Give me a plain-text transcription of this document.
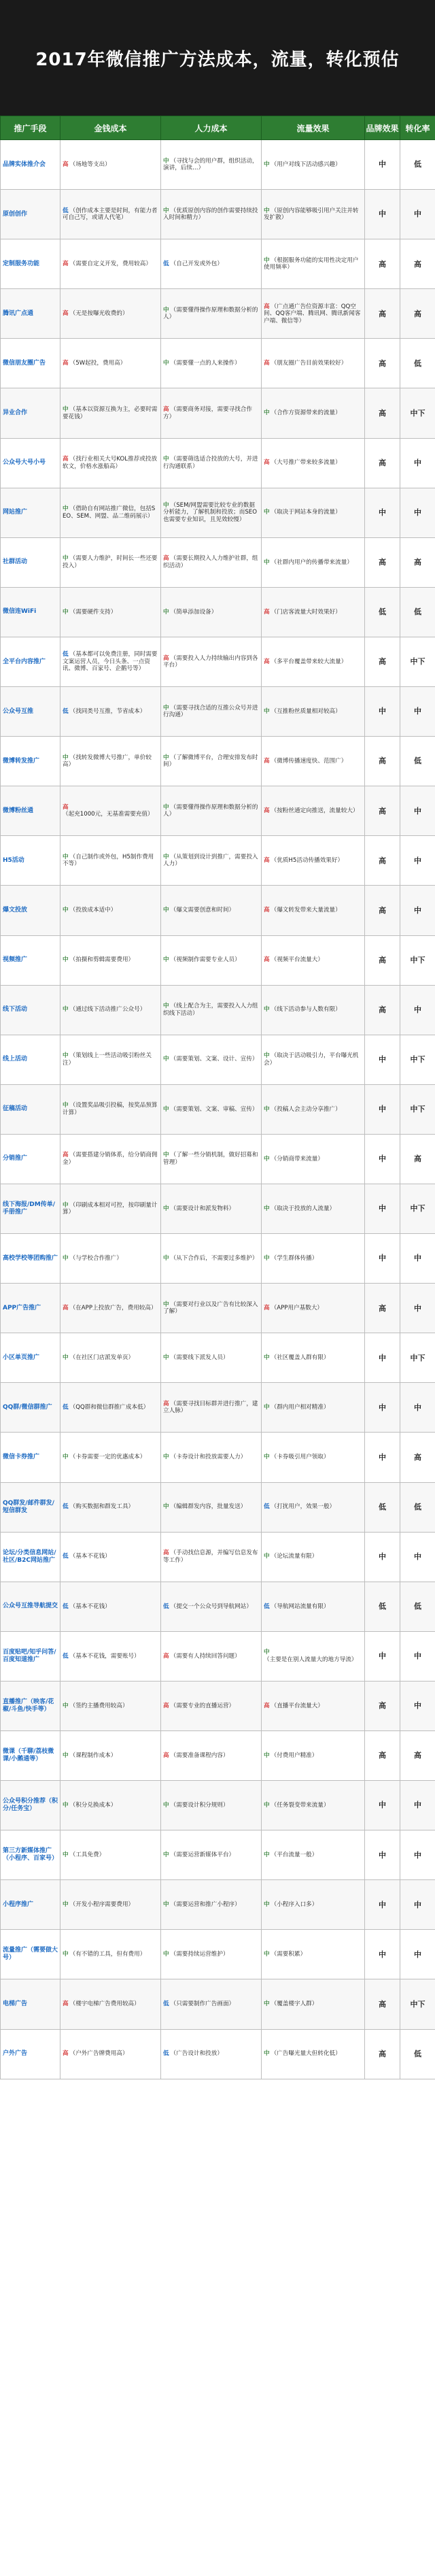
2017年微信推广方法成本，流量，转化预估
推广手段	金钱成本	人力成本	流量效果	品牌效果	转化率
品牌实体推介会	高 （场地等支出）	中 （寻找与会的用户群，组织活动，演讲，后续…）	中 （用户对线下活动感兴趣）	中	低
原创创作	低 （创作成本主要是时间，有能力者可自己写，或请人代笔）	中 （优质原创内容的创作需要持续投入时间和精力）	中 （原创内容能够吸引用户关注并转发扩散）	中	中
定制服务功能	高 （需要自定义开发，费用较高）	低 （自己开发或外包）	中 （根据服务功能的实用性决定用户使用频率）	高	高
腾讯广点通	高 （无是按曝光收费的）	中 （需要懂得操作原理和数据分析的人）	高 （广点通广告位资源丰富：QQ空间、QQ客户端、腾讯网、腾讯新闻客户端、微信等）	高	高
微信朋友圈广告	高 （5W起投，费用高）	中 （需要懂一点的人来操作）	高 （朋友圈广告目前效果较好）	高	低
异业合作	中 （基本以资源互换为主，必要时需要花钱）	高 （需要商务对接，需要寻找合作方）	中 （合作方资源带来的流量）	高	中下
公众号大号小号	高 （找行业相关大号KOL推荐或投放软文，价格水涨船高）	中 （需要筛选适合投放的大号，并进行沟通联系）	高 （大号推广带来较多流量）	高	中
网站推广	中 （借助自有网站推广微信，包括SEO、SEM、网盟、品二维码展示）	中 （SEM/网盟需要比较专业的数据分析能力，了解机制和投放；而SEO也需要专业知识，且见效较慢）	中 （取决于网站本身的流量）	中	中
社群活动	中 （需要人力维护，时间长一些还要投入）	高 （需要长期投入人力维护社群，组织活动）	中 （社群内用户的传播带来流量）	高	高
微信连WiFi	中 （需要硬件支持）	中 （简单添加设备）	高 （门店客流量大时效果好）	低	低
全平台内容推广	低 （基本都可以免费注册，同时需要文案运营人员，今日头条、一点资讯、微博、百家号、企鹅号等）	高 （需要投入人力持续输出内容到各平台）	高 （多平台覆盖带来较大流量）	高	中下
公众号互推	低 （找同类号互推，节省成本）	中 （需要寻找合适的互推公众号并进行沟通）	中 （互推粉丝质量相对较高）	中	中
微博转发推广	中 （找转发微博大号推广，单价较高）	中 （了解微博平台，合理安排发布时间）	高 （微博传播速度快、范围广）	高	低
微博粉丝通	高（起充1000元，无基准需要充值）	中 （需要懂得操作原理和数据分析的人）	高 （按粉丝通定向推送，流量较大）	高	中
H5活动	中 （自己制作或外包，H5制作费用不等）	中 （从策划到设计到推广，需要投入人力）	高 （优质H5活动传播效果好）	高	中
爆文投放	中 （投放成本适中）	中 （爆文需要创意和时间）	高 （爆文转发带来大量流量）	高	中
视频推广	中 （拍摄和剪辑需要费用）	中 （视频制作需要专业人员）	高 （视频平台流量大）	高	中下
线下活动	中 （通过线下活动推广公众号）	中 （线上配合为主，需要投入人力组织线下活动）	中 （线下活动参与人数有限）	高	中
线上活动	中 （策划线上一些活动吸引粉丝关注）	中 （需要策划、文案、设计、宣传）	中 （取决于活动吸引力，平台曝光机会）	中	中下
征稿活动	中 （设置奖品吸引投稿，按奖品预算计算）	中 （需要策划、文案、审稿、宣传）	中 （投稿人会主动分享推广）	中	中下
分销推广	高 （需要搭建分销体系，给分销商佣金）	中 （了解一些分销机制，做好招募和管理）	中 （分销商带来流量）	中	高
线下海报/DM传单/手册推广	中 （印刷成本相对可控，按印刷量计算）	中 （需要设计和派发物料）	中 （取决于投放的人流量）	中	中下
高校学校等团购推广	中 （与学校合作推广）	中 （从下合作后，不需要过多维护）	中 （学生群体传播）	中	中
APP广告推广	高 （在APP上投放广告，费用较高）	中 （需要对行业以及广告有比较深入了解）	高 （APP用户基数大）	高	中
小区单页推广	中 （在社区门店派发单页）	中 （需要线下派发人员）	中 （社区覆盖人群有限）	中	中下
QQ群/微信群推广	低 （QQ群和微信群推广成本低）	高 （需要寻找目标群并进行推广，建立人脉）	中 （群内用户相对精准）	中	中
微信卡券推广	中 （卡券需要一定的优惠成本）	中 （卡券设计和投放需要人力）	中 （卡券吸引用户领取）	中	高
QQ群发/邮件群发/短信群发	低 （购买数据和群发工具）	中 （编辑群发内容，批量发送）	低 （打扰用户，效果一般）	低	低
论坛/分类信息网站/社区/B2C网站推广	低 （基本不花钱）	高 （手动找信息源，并编写信息发布等工作）	中 （论坛流量有限）	中	中
公众号互推导航提交	低 （基本不花钱）	低 （提交一个公众号到导航网站）	低 （导航网站流量有限）	低	低
百度贴吧/知乎问答/百度知道推广	低 （基本不花钱，需要账号）	高 （需要有人持续回答问题）	中（主要是在别人流量大的地方导流）	中	中
直播推广（映客/花椒/斗鱼/快手等）	中 （签约主播费用较高）	高 （需要专业的直播运营）	高 （直播平台流量大）	高	中
微课（千聊/荔枝微课/小鹅通等）	中 （课程制作成本）	高 （需要准备课程内容）	中 （付费用户精准）	高	高
公众号积分推荐（积分/任务宝）	中 （积分兑换成本）	中 （需要设计积分规则）	中 （任务裂变带来流量）	中	中
第三方新媒体推广（小程序、百家号）	中 （工具免费）	中 （需要运营新媒体平台）	中 （平台流量一般）	中	中
小程序推广	中 （开发小程序需要费用）	中 （需要运营和推广小程序）	中 （小程序入口多）	中	中
流量推广（需要做大号）	中 （有不错的工具，但有费用）	中 （需要持续运营维护）	中 （需要积累）	中	中
电梯广告	高 （楼宇电梯广告费用较高）	低 （只需要制作广告画面）	中 （覆盖楼宇人群）	高	中下
户外广告	高 （户外广告牌费用高）	低 （广告设计和投放）	中 （广告曝光量大但转化低）	高	低
